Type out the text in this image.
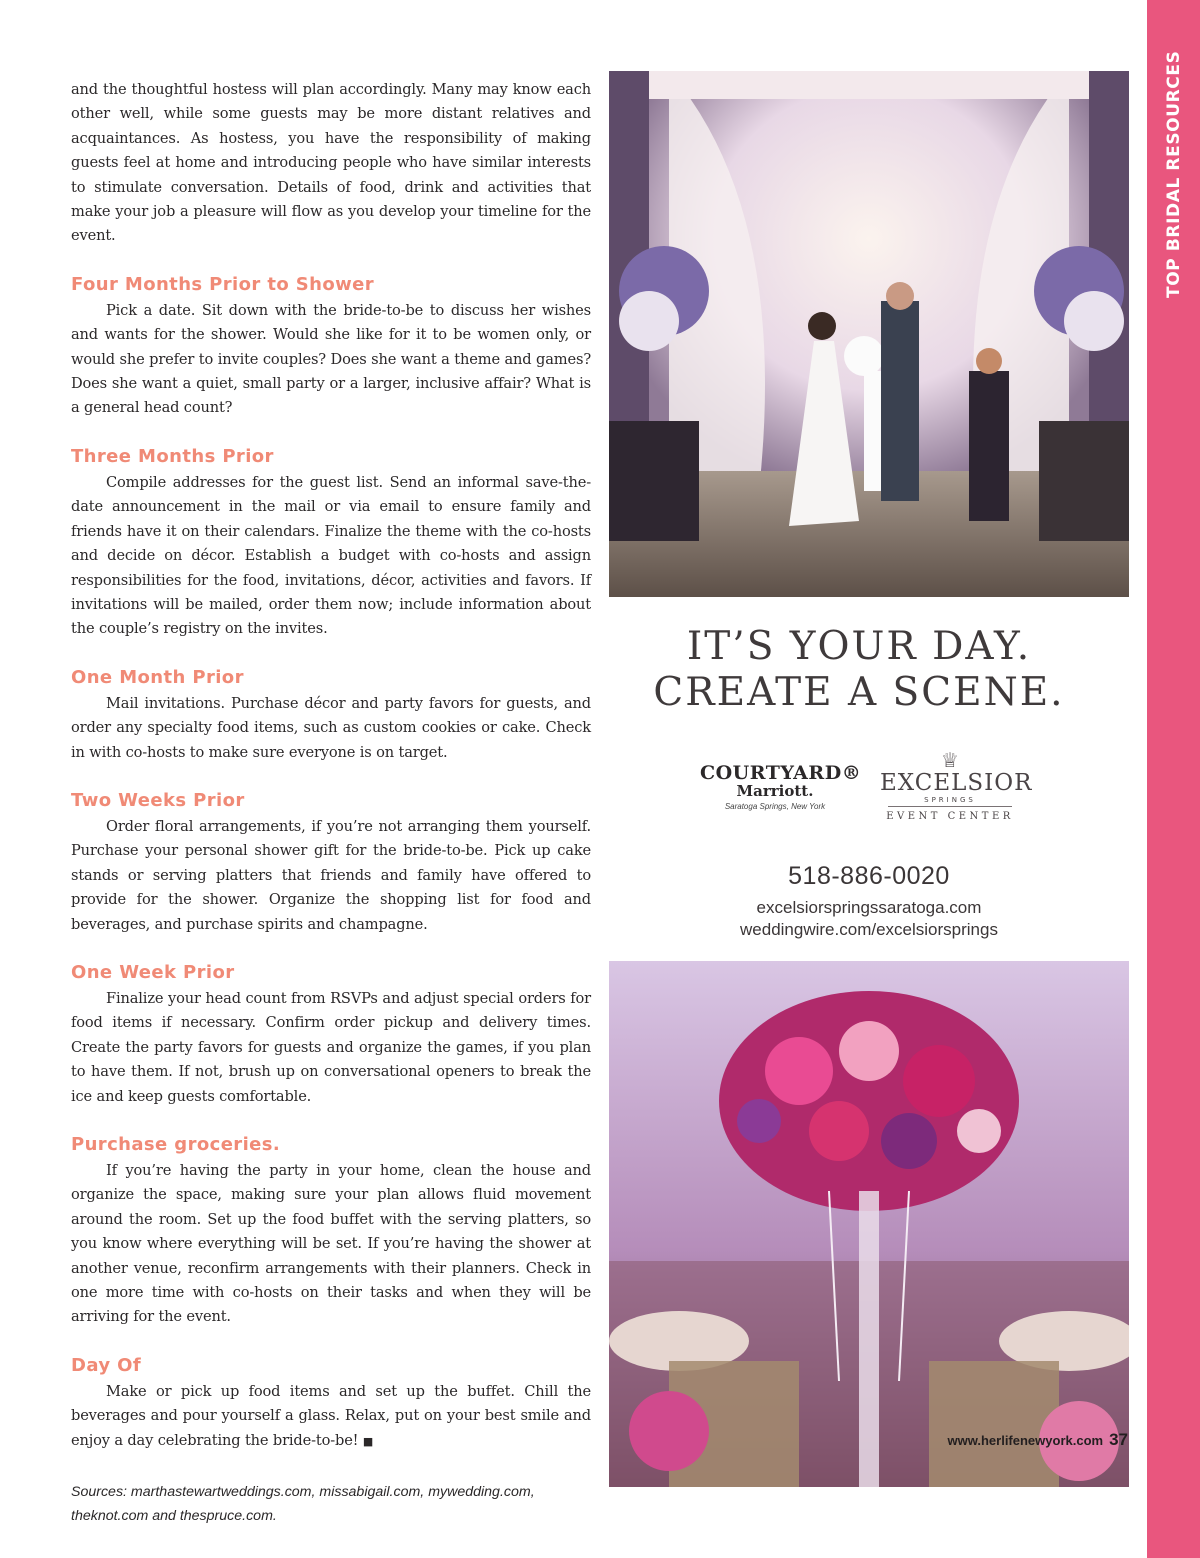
and the thoughtful hostess will plan accordingly. Many may know each other well, while some guests may be more distant relatives and acquaintances. As hostess, you have the responsibility of making guests feel at home and introducing people who have similar interests to stimulate conversation. Details of food, drink and activities that make your job a pleasure will flow as you develop your timeline for the event.

Four Months Prior to Shower

Pick a date. Sit down with the bride-to-be to discuss her wishes and wants for the shower. Would she like for it to be women only, or would she prefer to invite couples? Does she want a theme and games? Does she want a quiet, small party or a larger, inclusive affair? What is a general head count?

Three Months Prior

Compile addresses for the guest list. Send an informal save-the-date announcement in the mail or via email to ensure family and friends have it on their calendars. Finalize the theme with the co-hosts and decide on décor. Establish a budget with co-hosts and assign responsibilities for the food, invitations, décor, activities and favors. If invitations will be mailed, order them now; include information about the couple’s registry on the invites.

One Month Prior

Mail invitations. Purchase décor and party favors for guests, and order any specialty food items, such as custom cookies or cake. Check in with co-hosts to make sure everyone is on target.

Two Weeks Prior

Order floral arrangements, if you’re not arranging them yourself. Purchase your personal shower gift for the bride-to-be. Pick up cake stands or serving platters that friends and family have offered to provide for the shower. Organize the shopping list for food and beverages, and purchase spirits and champagne.

One Week Prior

Finalize your head count from RSVPs and adjust special orders for food items if necessary. Confirm order pickup and delivery times. Create the party favors for guests and organize the games, if you plan to have them. If not, brush up on conversational openers to break the ice and keep guests comfortable.

Purchase groceries.

If you’re having the party in your home, clean the house and organize the space, making sure your plan allows fluid movement around the room. Set up the food buffet with the serving platters, so you know where everything will be set. If you’re having the shower at another venue, reconfirm arrangements with their planners. Check in one more time with co-hosts on their tasks and when they will be arriving for the event.

Day Of

Make or pick up food items and set up the buffet. Chill the beverages and pour yourself a glass. Relax, put on your best smile and enjoy a day celebrating the bride-to-be! ■

Sources: marthastewartweddings.com, missabigail.com, mywedding.com, theknot.com and thespruce.com.
IT’S YOUR DAY.
CREATE A SCENE.
COURTYARD®
Marriott.
Saratoga Springs, New York
♕
EXCELSIOR
SPRINGS
EVENT CENTER
518-886-0020
excelsiorspringssaratoga.com
weddingwire.com/excelsiorsprings
TOP BRIDAL RESOURCES
www.herlifenewyork.com 37
